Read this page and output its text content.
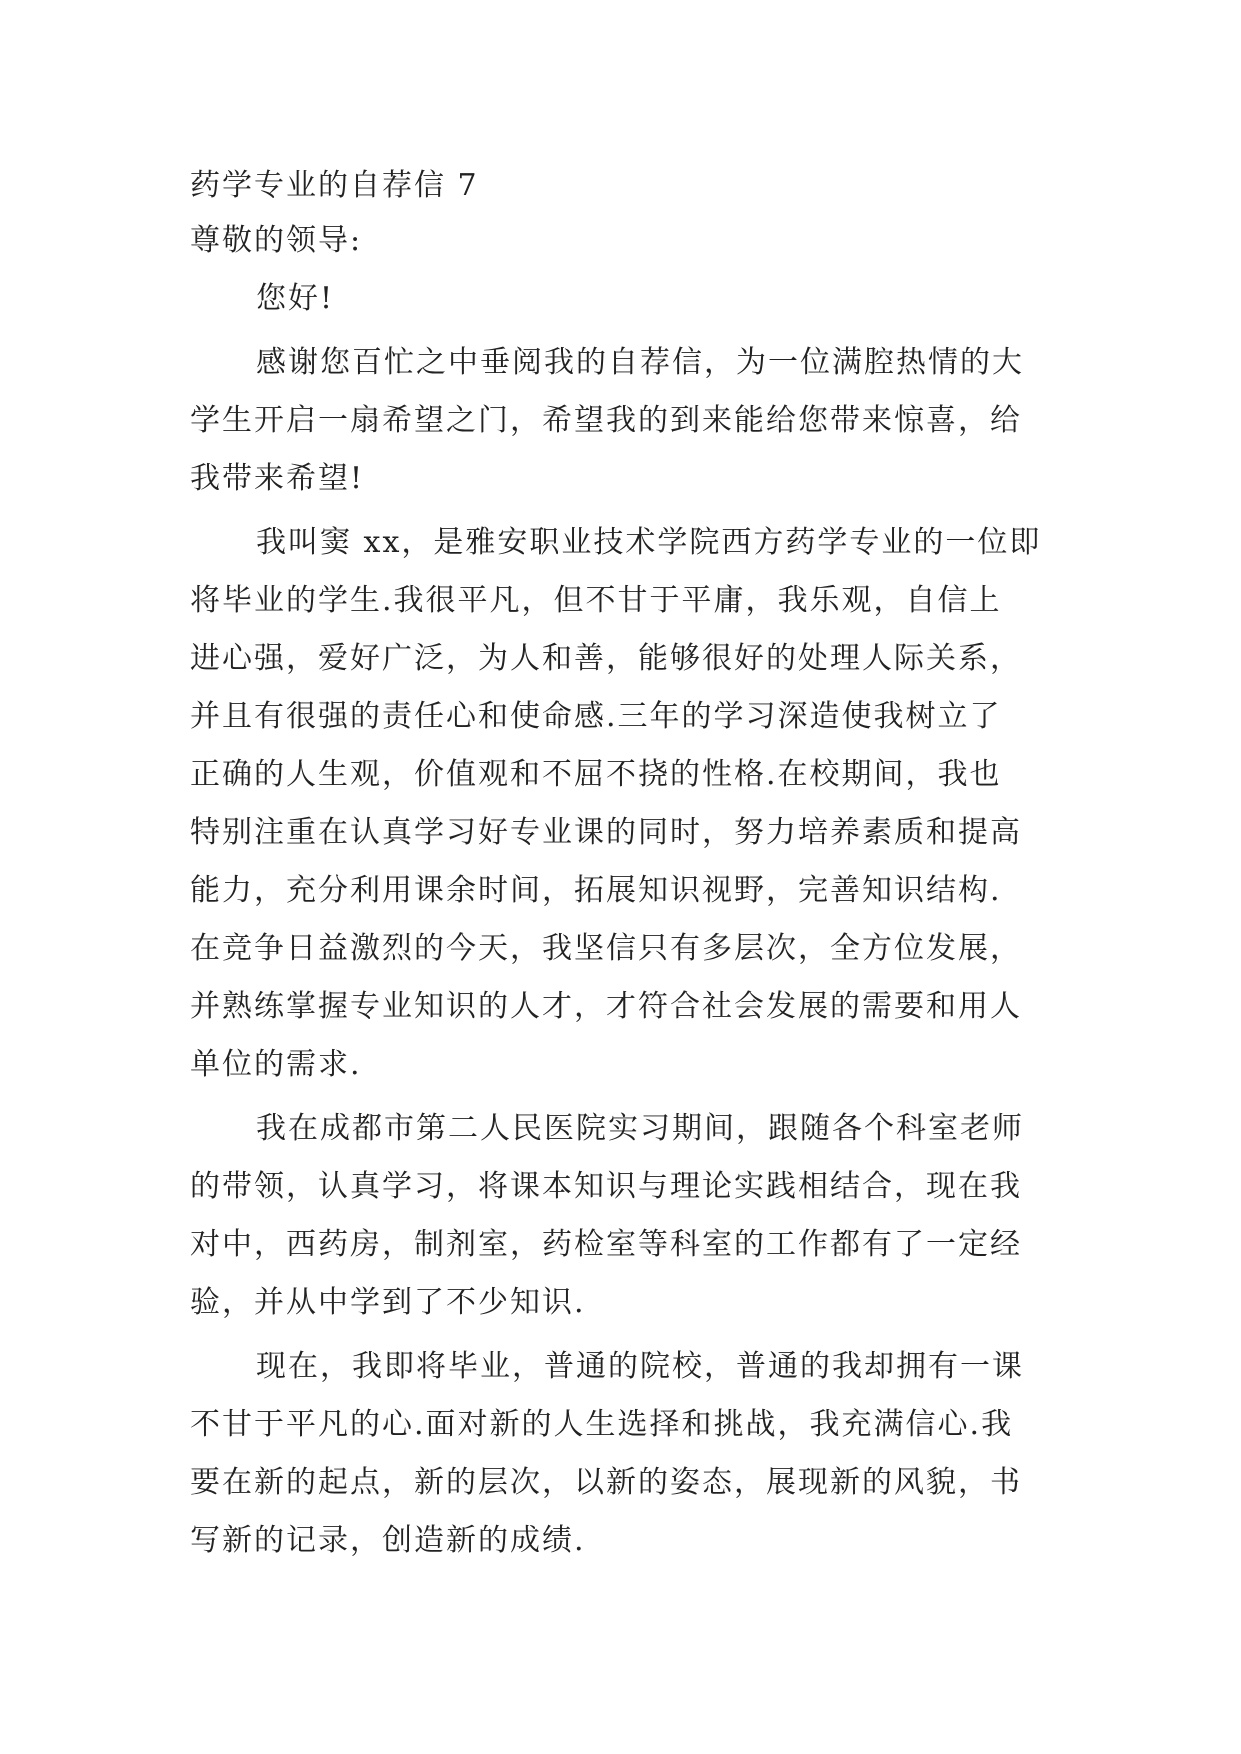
药学专业的自荐信 7
尊敬的领导:
您好!
感谢您百忙之中垂阅我的自荐信，为一位满腔热情的大
学生开启一扇希望之门，希望我的到来能给您带来惊喜，给
我带来希望!
我叫窦 xx，是雅安职业技术学院西方药学专业的一位即
将毕业的学生.我很平凡，但不甘于平庸，我乐观，自信上
进心强，爱好广泛，为人和善，能够很好的处理人际关系，
并且有很强的责任心和使命感.三年的学习深造使我树立了
正确的人生观，价值观和不屈不挠的性格.在校期间，我也
特别注重在认真学习好专业课的同时，努力培养素质和提高
能力，充分利用课余时间，拓展知识视野，完善知识结构.
在竞争日益激烈的今天，我坚信只有多层次，全方位发展，
并熟练掌握专业知识的人才，才符合社会发展的需要和用人
单位的需求.
我在成都市第二人民医院实习期间，跟随各个科室老师
的带领，认真学习，将课本知识与理论实践相结合，现在我
对中，西药房，制剂室，药检室等科室的工作都有了一定经
验，并从中学到了不少知识.
现在，我即将毕业，普通的院校，普通的我却拥有一课
不甘于平凡的心.面对新的人生选择和挑战，我充满信心.我
要在新的起点，新的层次，以新的姿态，展现新的风貌，书
写新的记录，创造新的成绩.
